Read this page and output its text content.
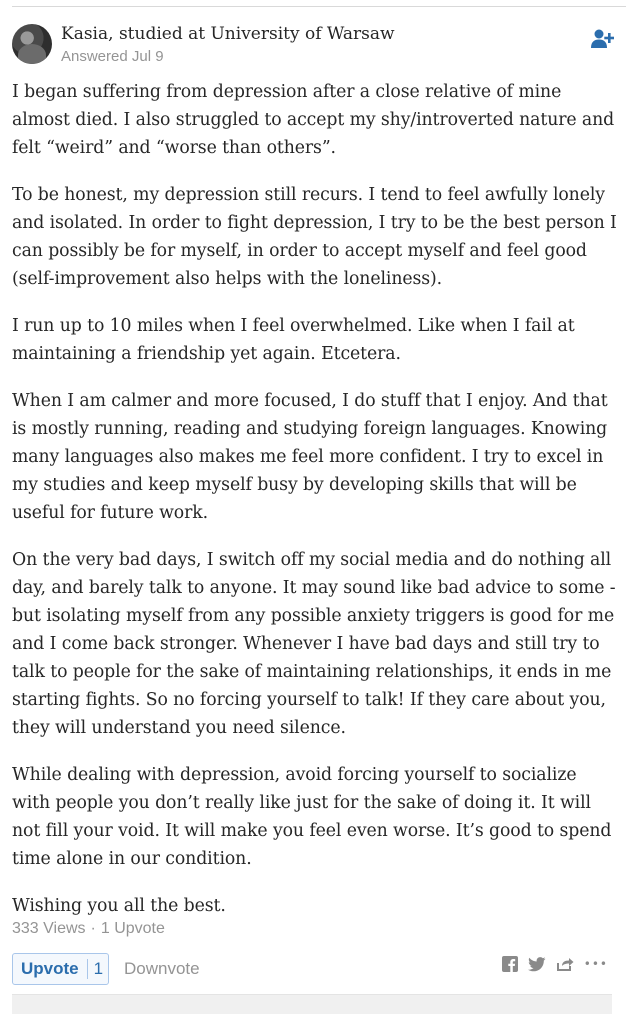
Kasia, studied at University of Warsaw
Answered Jul 9

I began suffering from depression after a close relative of mine almost died. I also struggled to accept my shy/introverted nature and felt “weird” and “worse than others”.

To be honest, my depression still recurs. I tend to feel awfully lonely and isolated. In order to fight depression, I try to be the best person I can possibly be for myself, in order to accept myself and feel good (self-improvement also helps with the loneliness).

I run up to 10 miles when I feel overwhelmed. Like when I fail at maintaining a friendship yet again. Etcetera.

When I am calmer and more focused, I do stuff that I enjoy. And that is mostly running, reading and studying foreign languages. Knowing many languages also makes me feel more confident. I try to excel in my studies and keep myself busy by developing skills that will be useful for future work.

On the very bad days, I switch off my social media and do nothing all day, and barely talk to anyone. It may sound like bad advice to some - but isolating myself from any possible anxiety triggers is good for me and I come back stronger. Whenever I have bad days and still try to talk to people for the sake of maintaining relationships, it ends in me starting fights. So no forcing yourself to talk! If they care about you, they will understand you need silence.

While dealing with depression, avoid forcing yourself to socialize with people you don’t really like just for the sake of doing it. It will not fill your void. It will make you feel even worse. It’s good to spend time alone in our condition.

Wishing you all the best.

333 Views · 1 Upvote
Upvote 1 Downvote	•••
